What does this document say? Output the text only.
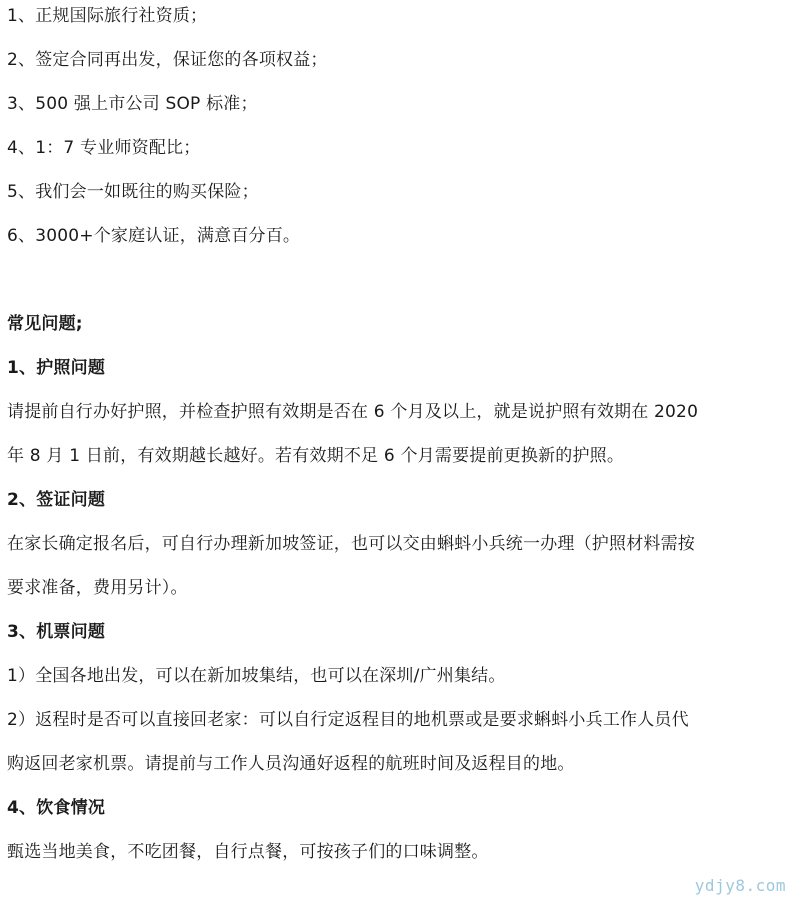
1、正规国际旅行社资质；
2、签定合同再出发，保证您的各项权益；
3、500 强上市公司 SOP 标准；
4、1：7 专业师资配比；
5、我们会一如既往的购买保险；
6、3000+个家庭认证，满意百分百。
常见问题;
1、护照问题
请提前自行办好护照，并检查护照有效期是否在 6 个月及以上，就是说护照有效期在 2020
年 8 月 1 日前，有效期越长越好。若有效期不足 6 个月需要提前更换新的护照。
2、签证问题
在家长确定报名后，可自行办理新加坡签证，也可以交由蝌蚪小兵统一办理（护照材料需按
要求准备，费用另计）。
3、机票问题
1）全国各地出发，可以在新加坡集结，也可以在深圳/广州集结。
2）返程时是否可以直接回老家：可以自行定返程目的地机票或是要求蝌蚪小兵工作人员代
购返回老家机票。请提前与工作人员沟通好返程的航班时间及返程目的地。
4、饮食情况
甄选当地美食，不吃团餐，自行点餐，可按孩子们的口味调整。
ydjy8.com
